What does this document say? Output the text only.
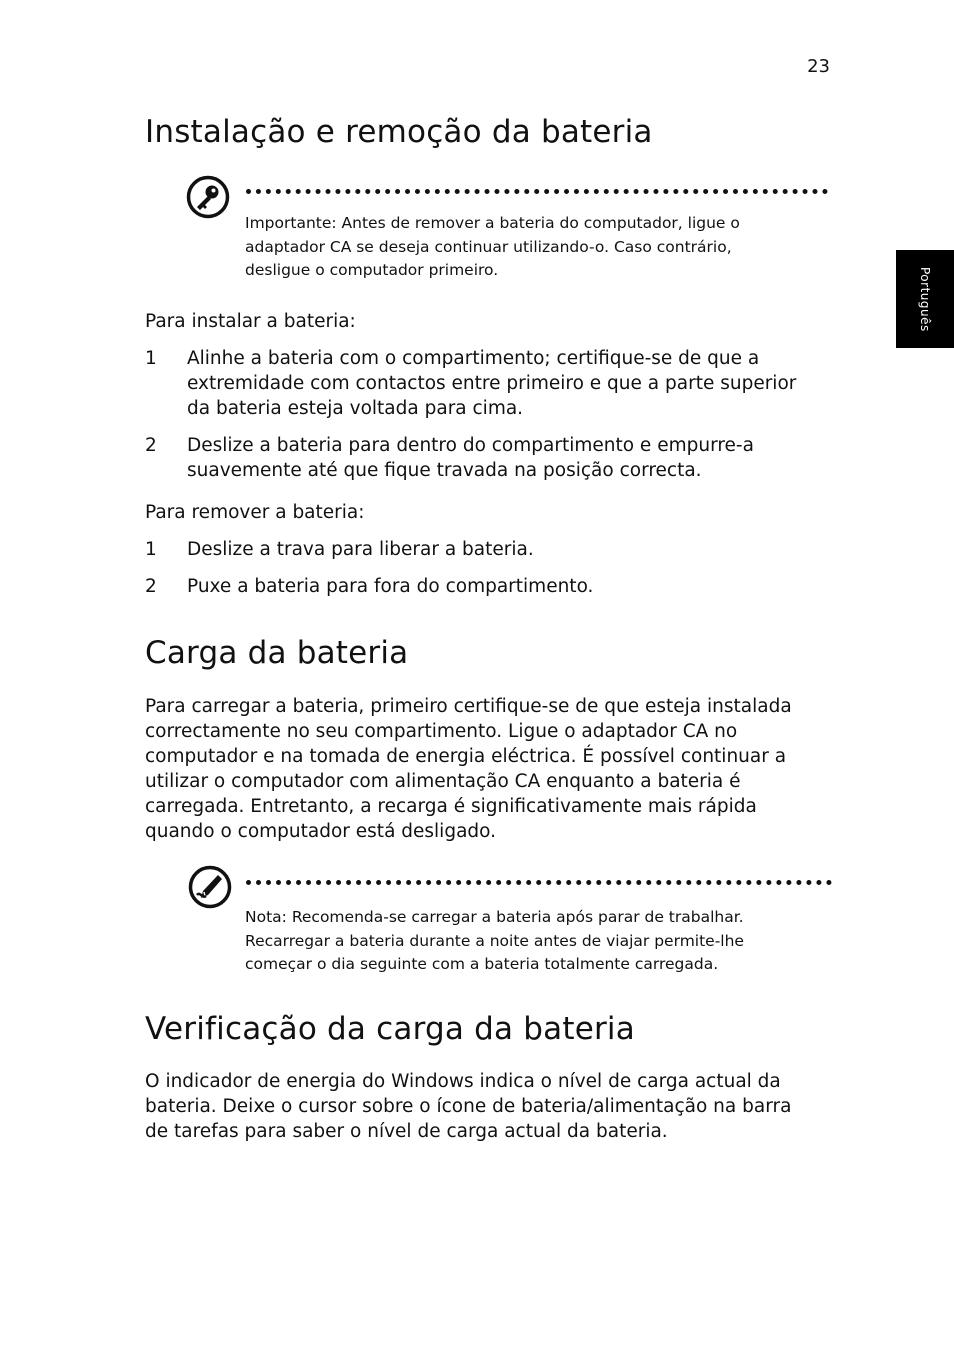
23
Português
Instalação e remoção da bateria
Importante: Antes de remover a bateria do computador, ligue o
adaptador CA se deseja continuar utilizando-o. Caso contrário,
desligue o computador primeiro.
Para instalar a bateria:
1 Alinhe a bateria com o compartimento; certifique-se de que a
extremidade com contactos entre primeiro e que a parte superior
da bateria esteja voltada para cima.
2 Deslize a bateria para dentro do compartimento e empurre-a
suavemente até que fique travada na posição correcta.
Para remover a bateria:
1 Deslize a trava para liberar a bateria.
2 Puxe a bateria para fora do compartimento.
Carga da bateria
Para carregar a bateria, primeiro certifique-se de que esteja instalada
correctamente no seu compartimento. Ligue o adaptador CA no
computador e na tomada de energia eléctrica. É possível continuar a
utilizar o computador com alimentação CA enquanto a bateria é
carregada. Entretanto, a recarga é significativamente mais rápida
quando o computador está desligado.
Nota: Recomenda-se carregar a bateria após parar de trabalhar.
Recarregar a bateria durante a noite antes de viajar permite-lhe
começar o dia seguinte com a bateria totalmente carregada.
Verificação da carga da bateria
O indicador de energia do Windows indica o nível de carga actual da
bateria. Deixe o cursor sobre o ícone de bateria/alimentação na barra
de tarefas para saber o nível de carga actual da bateria.
